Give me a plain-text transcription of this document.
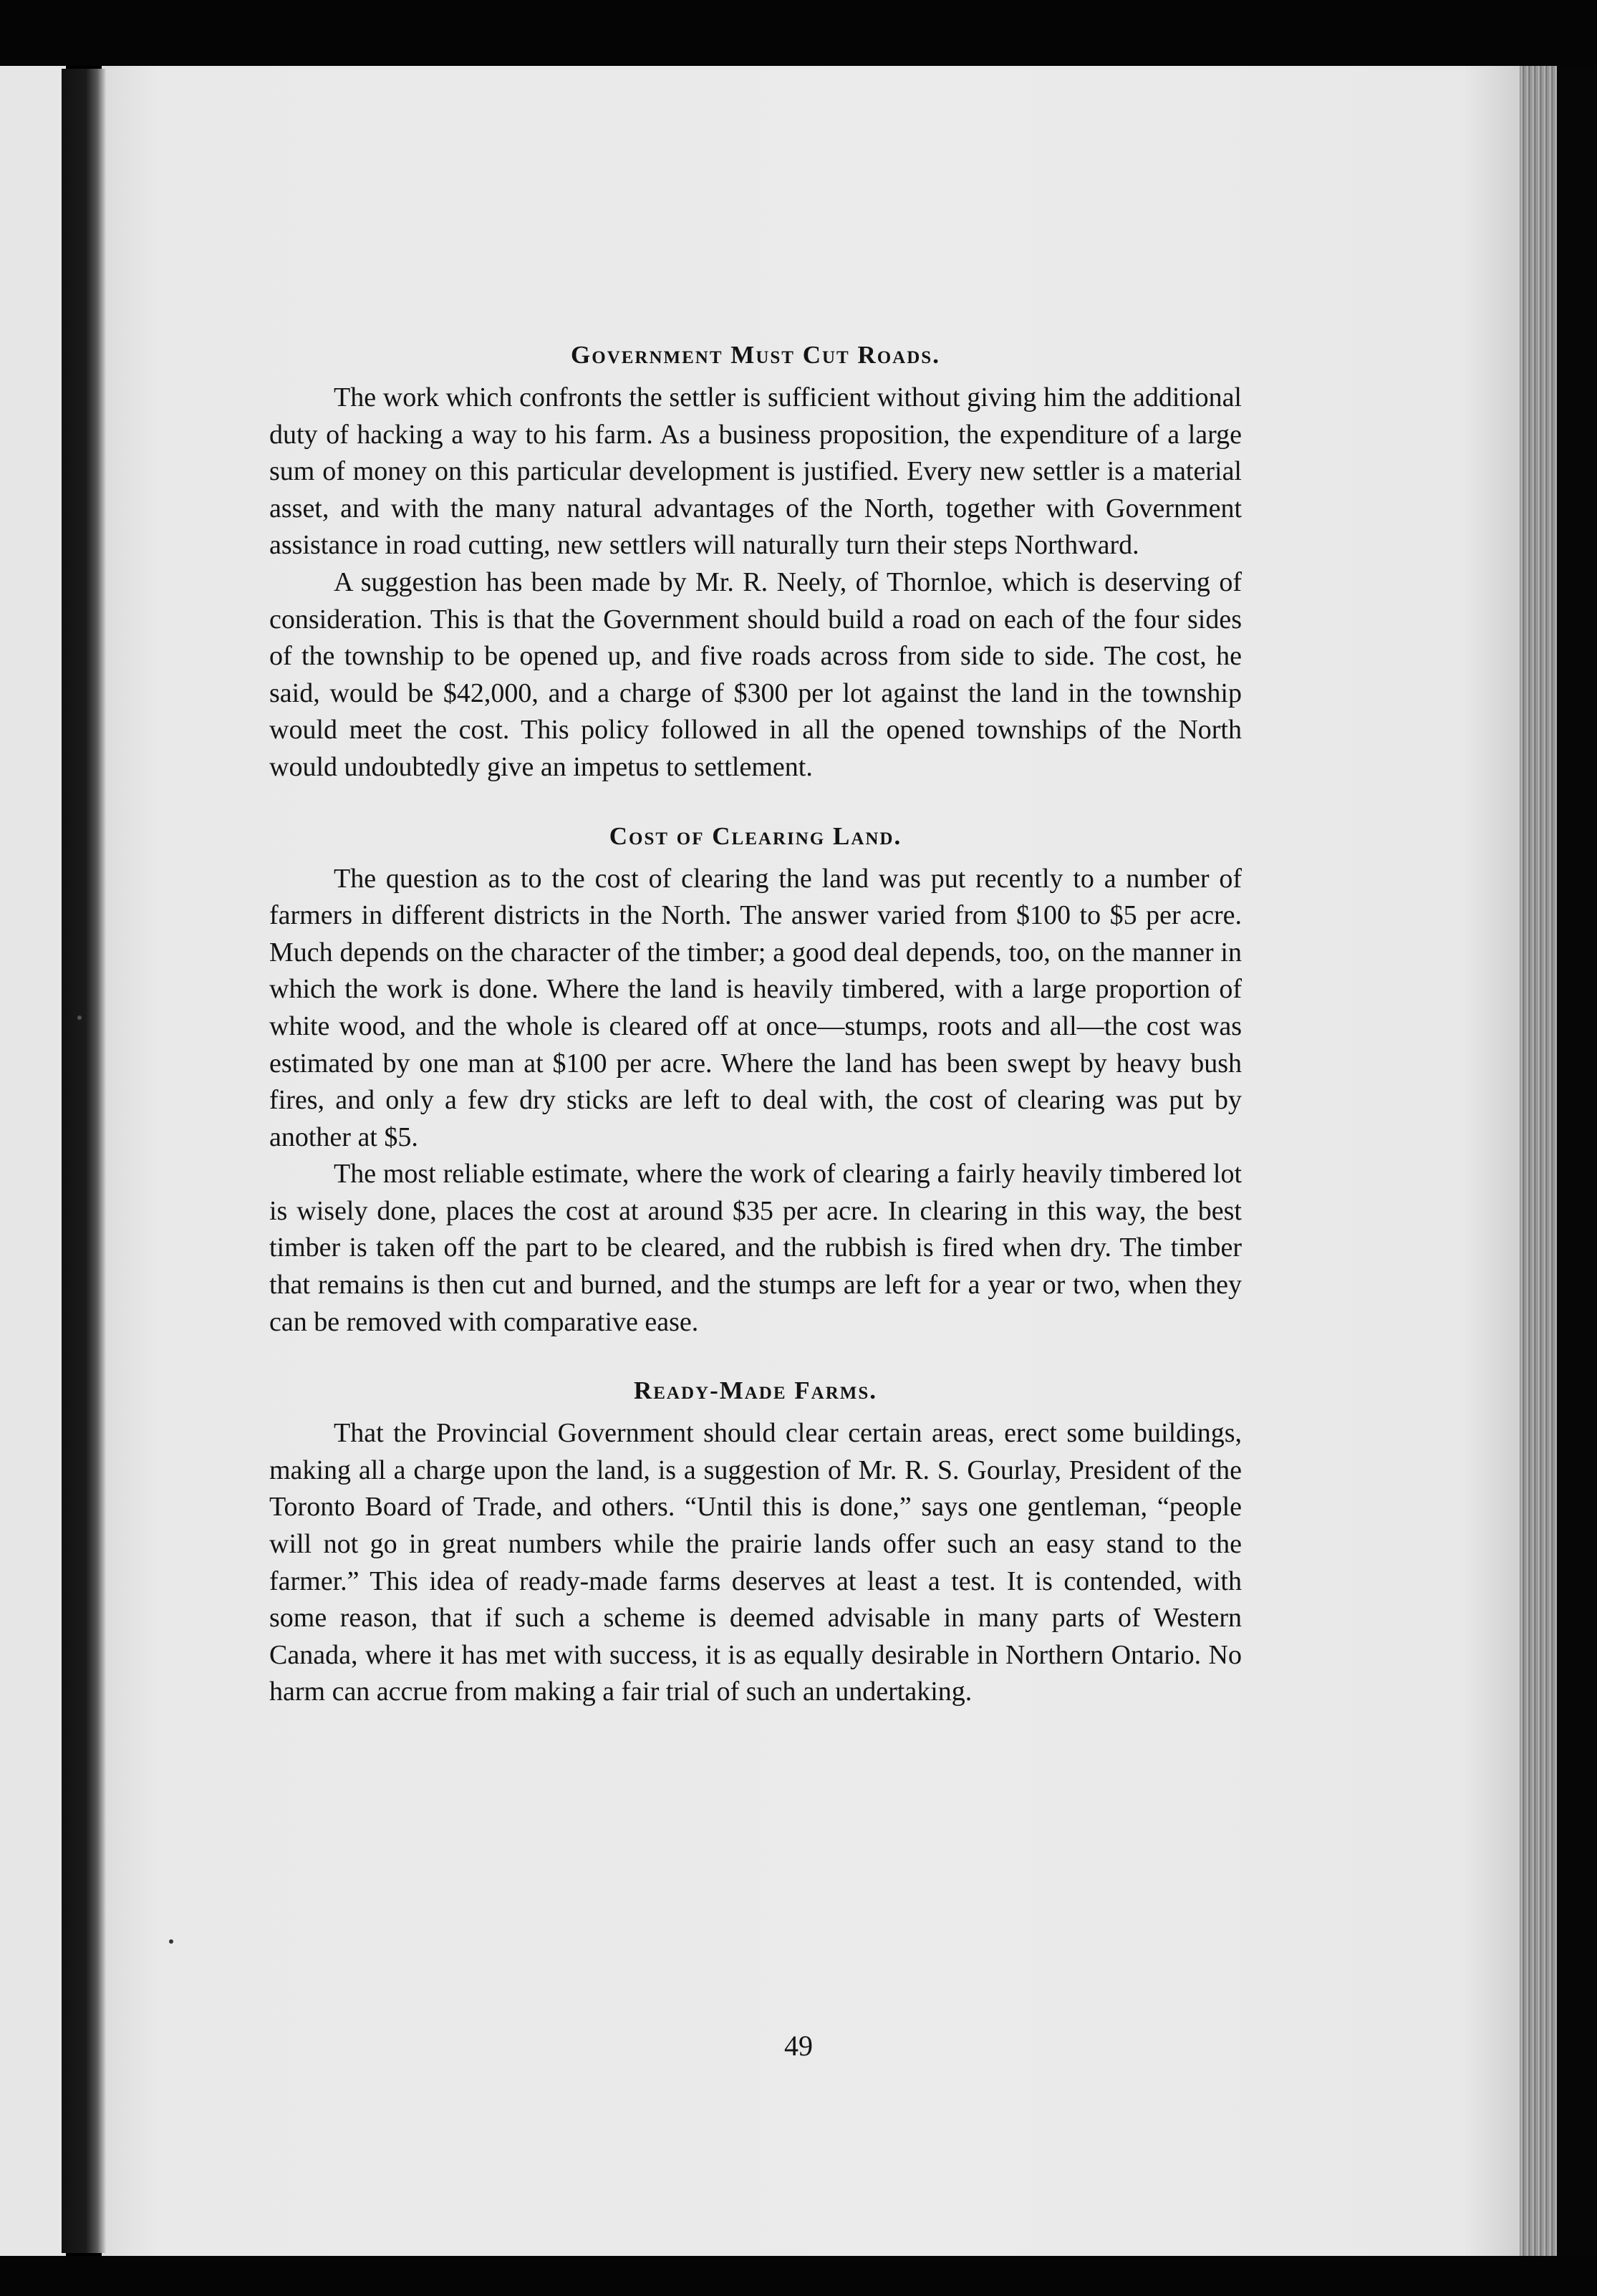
Government Must Cut Roads.

The work which confronts the settler is sufficient without giving him the additional duty of hacking a way to his farm. As a business proposition, the expenditure of a large sum of money on this particular development is justified. Every new settler is a material asset, and with the many natural advantages of the North, together with Government assistance in road cutting, new settlers will naturally turn their steps Northward.

A suggestion has been made by Mr. R. Neely, of Thornloe, which is deserving of consideration. This is that the Government should build a road on each of the four sides of the township to be opened up, and five roads across from side to side. The cost, he said, would be $42,000, and a charge of $300 per lot against the land in the township would meet the cost. This policy followed in all the opened townships of the North would undoubtedly give an impetus to settlement.

Cost of Clearing Land.

The question as to the cost of clearing the land was put recently to a number of farmers in different districts in the North. The answer varied from $100 to $5 per acre. Much depends on the character of the timber; a good deal depends, too, on the manner in which the work is done. Where the land is heavily timbered, with a large proportion of white wood, and the whole is cleared off at once—stumps, roots and all—the cost was estimated by one man at $100 per acre. Where the land has been swept by heavy bush fires, and only a few dry sticks are left to deal with, the cost of clearing was put by another at $5.

The most reliable estimate, where the work of clearing a fairly heavily timbered lot is wisely done, places the cost at around $35 per acre. In clearing in this way, the best timber is taken off the part to be cleared, and the rubbish is fired when dry. The timber that remains is then cut and burned, and the stumps are left for a year or two, when they can be removed with comparative ease.

Ready-Made Farms.

That the Provincial Government should clear certain areas, erect some buildings, making all a charge upon the land, is a suggestion of Mr. R. S. Gourlay, President of the Toronto Board of Trade, and others. “Until this is done,” says one gentleman, “people will not go in great numbers while the prairie lands offer such an easy stand to the farmer.” This idea of ready-made farms deserves at least a test. It is contended, with some reason, that if such a scheme is deemed advisable in many parts of Western Canada, where it has met with success, it is as equally desirable in Northern Ontario. No harm can accrue from making a fair trial of such an undertaking.

49
